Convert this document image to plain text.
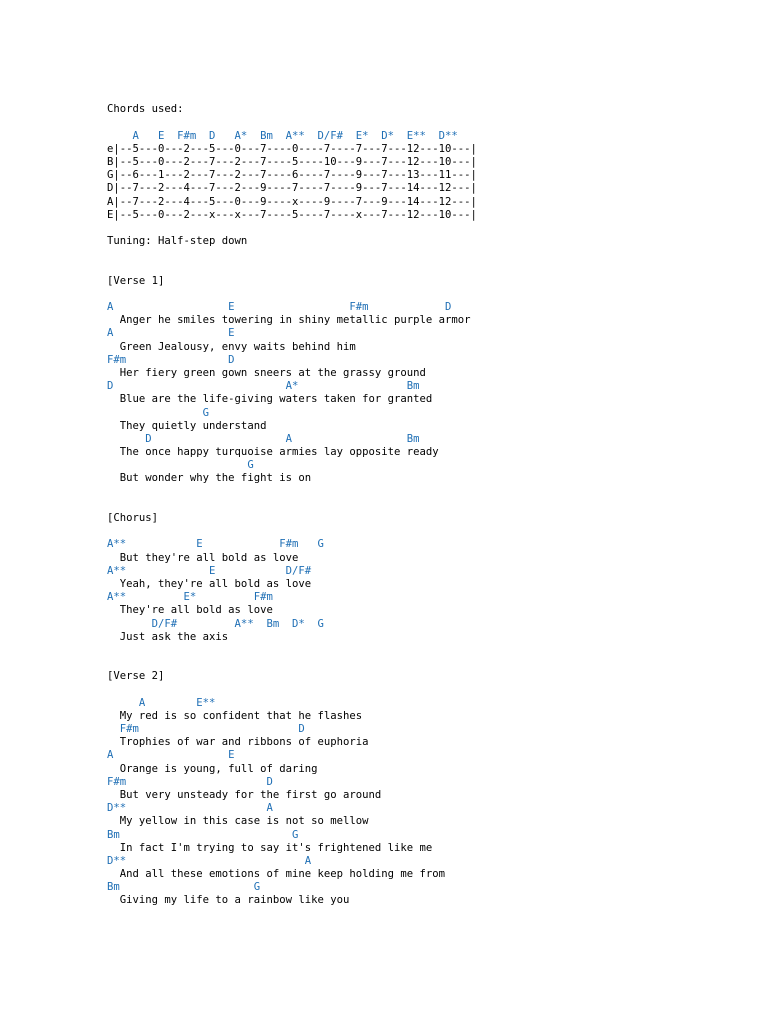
Chords used:
A   E  F#m  D   A*  Bm  A**  D/F#  E*  D*  E**  D**
e|--5---0---2---5---0---7----0----7----7---7---12---10---|
B|--5---0---2---7---2---7----5----10---9---7---12---10---|
G|--6---1---2---7---2---7----6----7----9---7---13---11---|
D|--7---2---4---7---2---9----7----7----9---7---14---12---|
A|--7---2---4---5---0---9----x----9----7---9---14---12---|
E|--5---0---2---x---x---7----5----7----x---7---12---10---|
Tuning: Half-step down
[Verse 1]
A                  E                  F#m            D
Anger he smiles towering in shiny metallic purple armor
A                  E
Green Jealousy, envy waits behind him
F#m                D
Her fiery green gown sneers at the grassy ground
D                           A*                 Bm
Blue are the life-giving waters taken for granted
G
They quietly understand
D                     A                  Bm
The once happy turquoise armies lay opposite ready
G
But wonder why the fight is on
[Chorus]
A**           E            F#m   G
But they're all bold as love
A**             E           D/F#
Yeah, they're all bold as love
A**         E*         F#m
They're all bold as love
D/F#         A**  Bm  D*  G
Just ask the axis
[Verse 2]
A        E**
My red is so confident that he flashes
F#m                         D
Trophies of war and ribbons of euphoria
A                  E
Orange is young, full of daring
F#m                      D
But very unsteady for the first go around
D**                      A
My yellow in this case is not so mellow
Bm                           G
In fact I'm trying to say it's frightened like me
D**                            A
And all these emotions of mine keep holding me from
Bm                     G
Giving my life to a rainbow like you
